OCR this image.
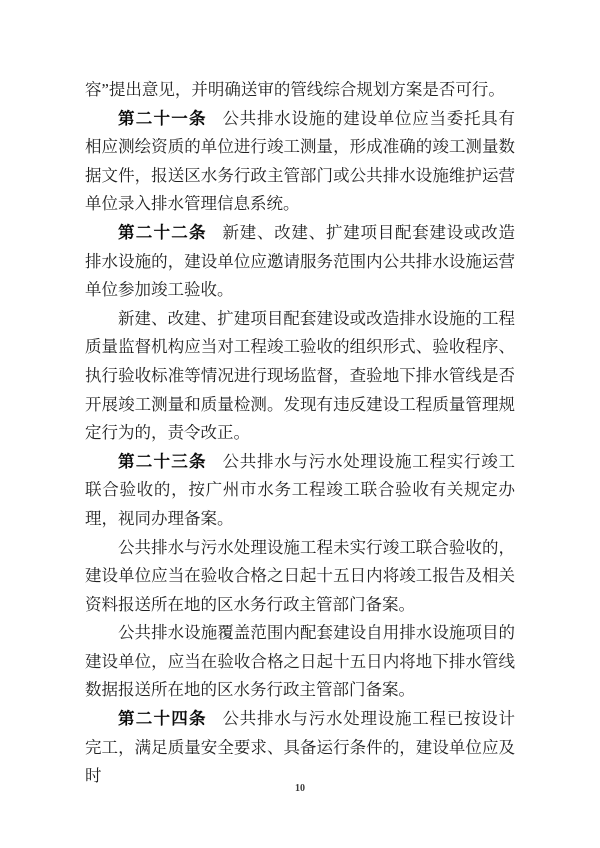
容”提出意见，并明确送审的管线综合规划方案是否可行。

第二十一条 公共排水设施的建设单位应当委托具有相应测绘资质的单位进行竣工测量，形成准确的竣工测量数据文件，报送区水务行政主管部门或公共排水设施维护运营单位录入排水管理信息系统。

第二十二条 新建、改建、扩建项目配套建设或改造排水设施的，建设单位应邀请服务范围内公共排水设施运营单位参加竣工验收。

新建、改建、扩建项目配套建设或改造排水设施的工程质量监督机构应当对工程竣工验收的组织形式、验收程序、执行验收标准等情况进行现场监督，查验地下排水管线是否开展竣工测量和质量检测。发现有违反建设工程质量管理规定行为的，责令改正。

第二十三条 公共排水与污水处理设施工程实行竣工联合验收的，按广州市水务工程竣工联合验收有关规定办理，视同办理备案。

公共排水与污水处理设施工程未实行竣工联合验收的，建设单位应当在验收合格之日起十五日内将竣工报告及相关资料报送所在地的区水务行政主管部门备案。

公共排水设施覆盖范围内配套建设自用排水设施项目的建设单位，应当在验收合格之日起十五日内将地下排水管线数据报送所在地的区水务行政主管部门备案。

第二十四条 公共排水与污水处理设施工程已按设计完工，满足质量安全要求、具备运行条件的，建设单位应及时

10
